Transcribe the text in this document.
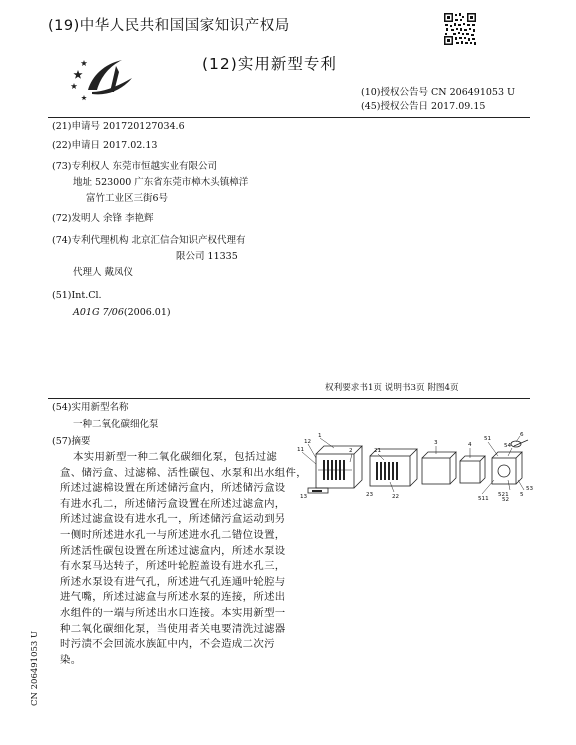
(19)中华人民共和国国家知识产权局
(12)实用新型专利
(10)授权公告号 CN 206491053 U
(45)授权公告日 2017.09.15
(21)申请号 201720127034.6
(22)申请日 2017.02.13
(73)专利权人 东莞市恒越实业有限公司
地址 523000 广东省东莞市樟木头镇樟洋
富竹工业区三街6号
(72)发明人 余锋 李艳辉
(74)专利代理机构 北京汇信合知识产权代理有
限公司 11335
代理人 戴凤仪
(51)Int.Cl.
A01G 7/06(2006.01)
权利要求书1页 说明书3页 附图4页
(54)实用新型名称
一种二氧化碳细化泵
(57)摘要
本实用新型一种二氧化碳细化泵，包括过滤
盒、储污盒、过滤棉、活性碳包、水泵和出水组件，
所述过滤棉设置在所述储污盒内，所述储污盒设
有进水孔二，所述储污盒设置在所述过滤盒内，
所述过滤盒设有进水孔一，所述储污盒运动到另
一侧时所述进水孔一与所述进水孔二错位设置，
所述活性碳包设置在所述过滤盒内，所述水泵设
有水泵马达转子，所述叶轮腔盖设有进水孔三，
所述水泵设有进气孔，所述进气孔连通叶轮腔与
进气嘴，所述过滤盒与所述水泵的连接，所述出
水组件的一端与所述出水口连接。本实用新型一
种二氧化碳细化泵，当使用者关电要清洗过滤器
时污渍不会回流水族缸中内，不会造成二次污
染。
1
12
11	2	21
23	22
13
3	4
51
511
521
52
6
54
5
53
CN 206491053 U
